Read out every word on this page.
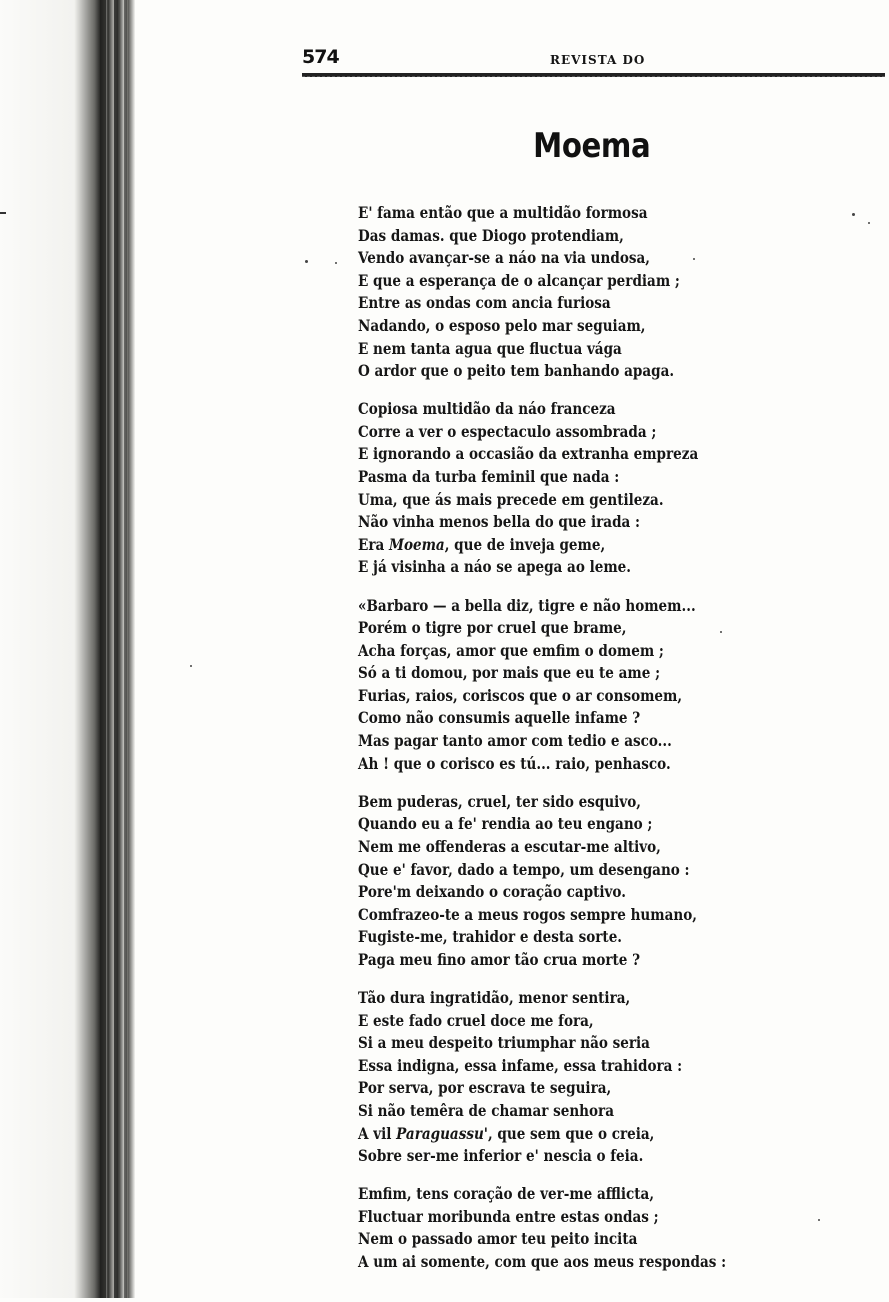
574	REVISTA DO
Moema
E' fama então que a multidão formosa
Das damas. que Diogo protendiam,
Vendo avançar-se a náo na via undosa,
E que a esperança de o alcançar perdiam ;
Entre as ondas com ancia furiosa
Nadando, o esposo pelo mar seguiam,
E nem tanta agua que fluctua vága
O ardor que o peito tem banhando apaga.
Copiosa multidão da náo franceza
Corre a ver o espectaculo assombrada ;
E ignorando a occasião da extranha empreza
Pasma da turba feminil que nada :
Uma, que ás mais precede em gentileza.
Não vinha menos bella do que irada :
Era Moema, que de inveja geme,
E já visinha a náo se apega ao leme.
«Barbaro — a bella diz, tigre e não homem...
Porém o tigre por cruel que brame,
Acha forças, amor que emfim o domem ;
Só a ti domou, por mais que eu te ame ;
Furias, raios, coriscos que o ar consomem,
Como não consumis aquelle infame ?
Mas pagar tanto amor com tedio e asco...
Ah ! que o corisco es tú... raio, penhasco.
Bem puderas, cruel, ter sido esquivo,
Quando eu a fe' rendia ao teu engano ;
Nem me offenderas a escutar-me altivo,
Que e' favor, dado a tempo, um desengano :
Pore'm deixando o coração captivo.
Comfrazeo-te a meus rogos sempre humano,
Fugiste-me, trahidor e desta sorte.
Paga meu fino amor tão crua morte ?
Tão dura ingratidão, menor sentira,
E este fado cruel doce me fora,
Si a meu despeito triumphar não seria
Essa indigna, essa infame, essa trahidora :
Por serva, por escrava te seguira,
Si não temêra de chamar senhora
A vil Paraguassu', que sem que o creia,
Sobre ser-me inferior e' nescia o feia.
Emfim, tens coração de ver-me afflicta,
Fluctuar moribunda entre estas ondas ;
Nem o passado amor teu peito incita
A um ai somente, com que aos meus respondas :
